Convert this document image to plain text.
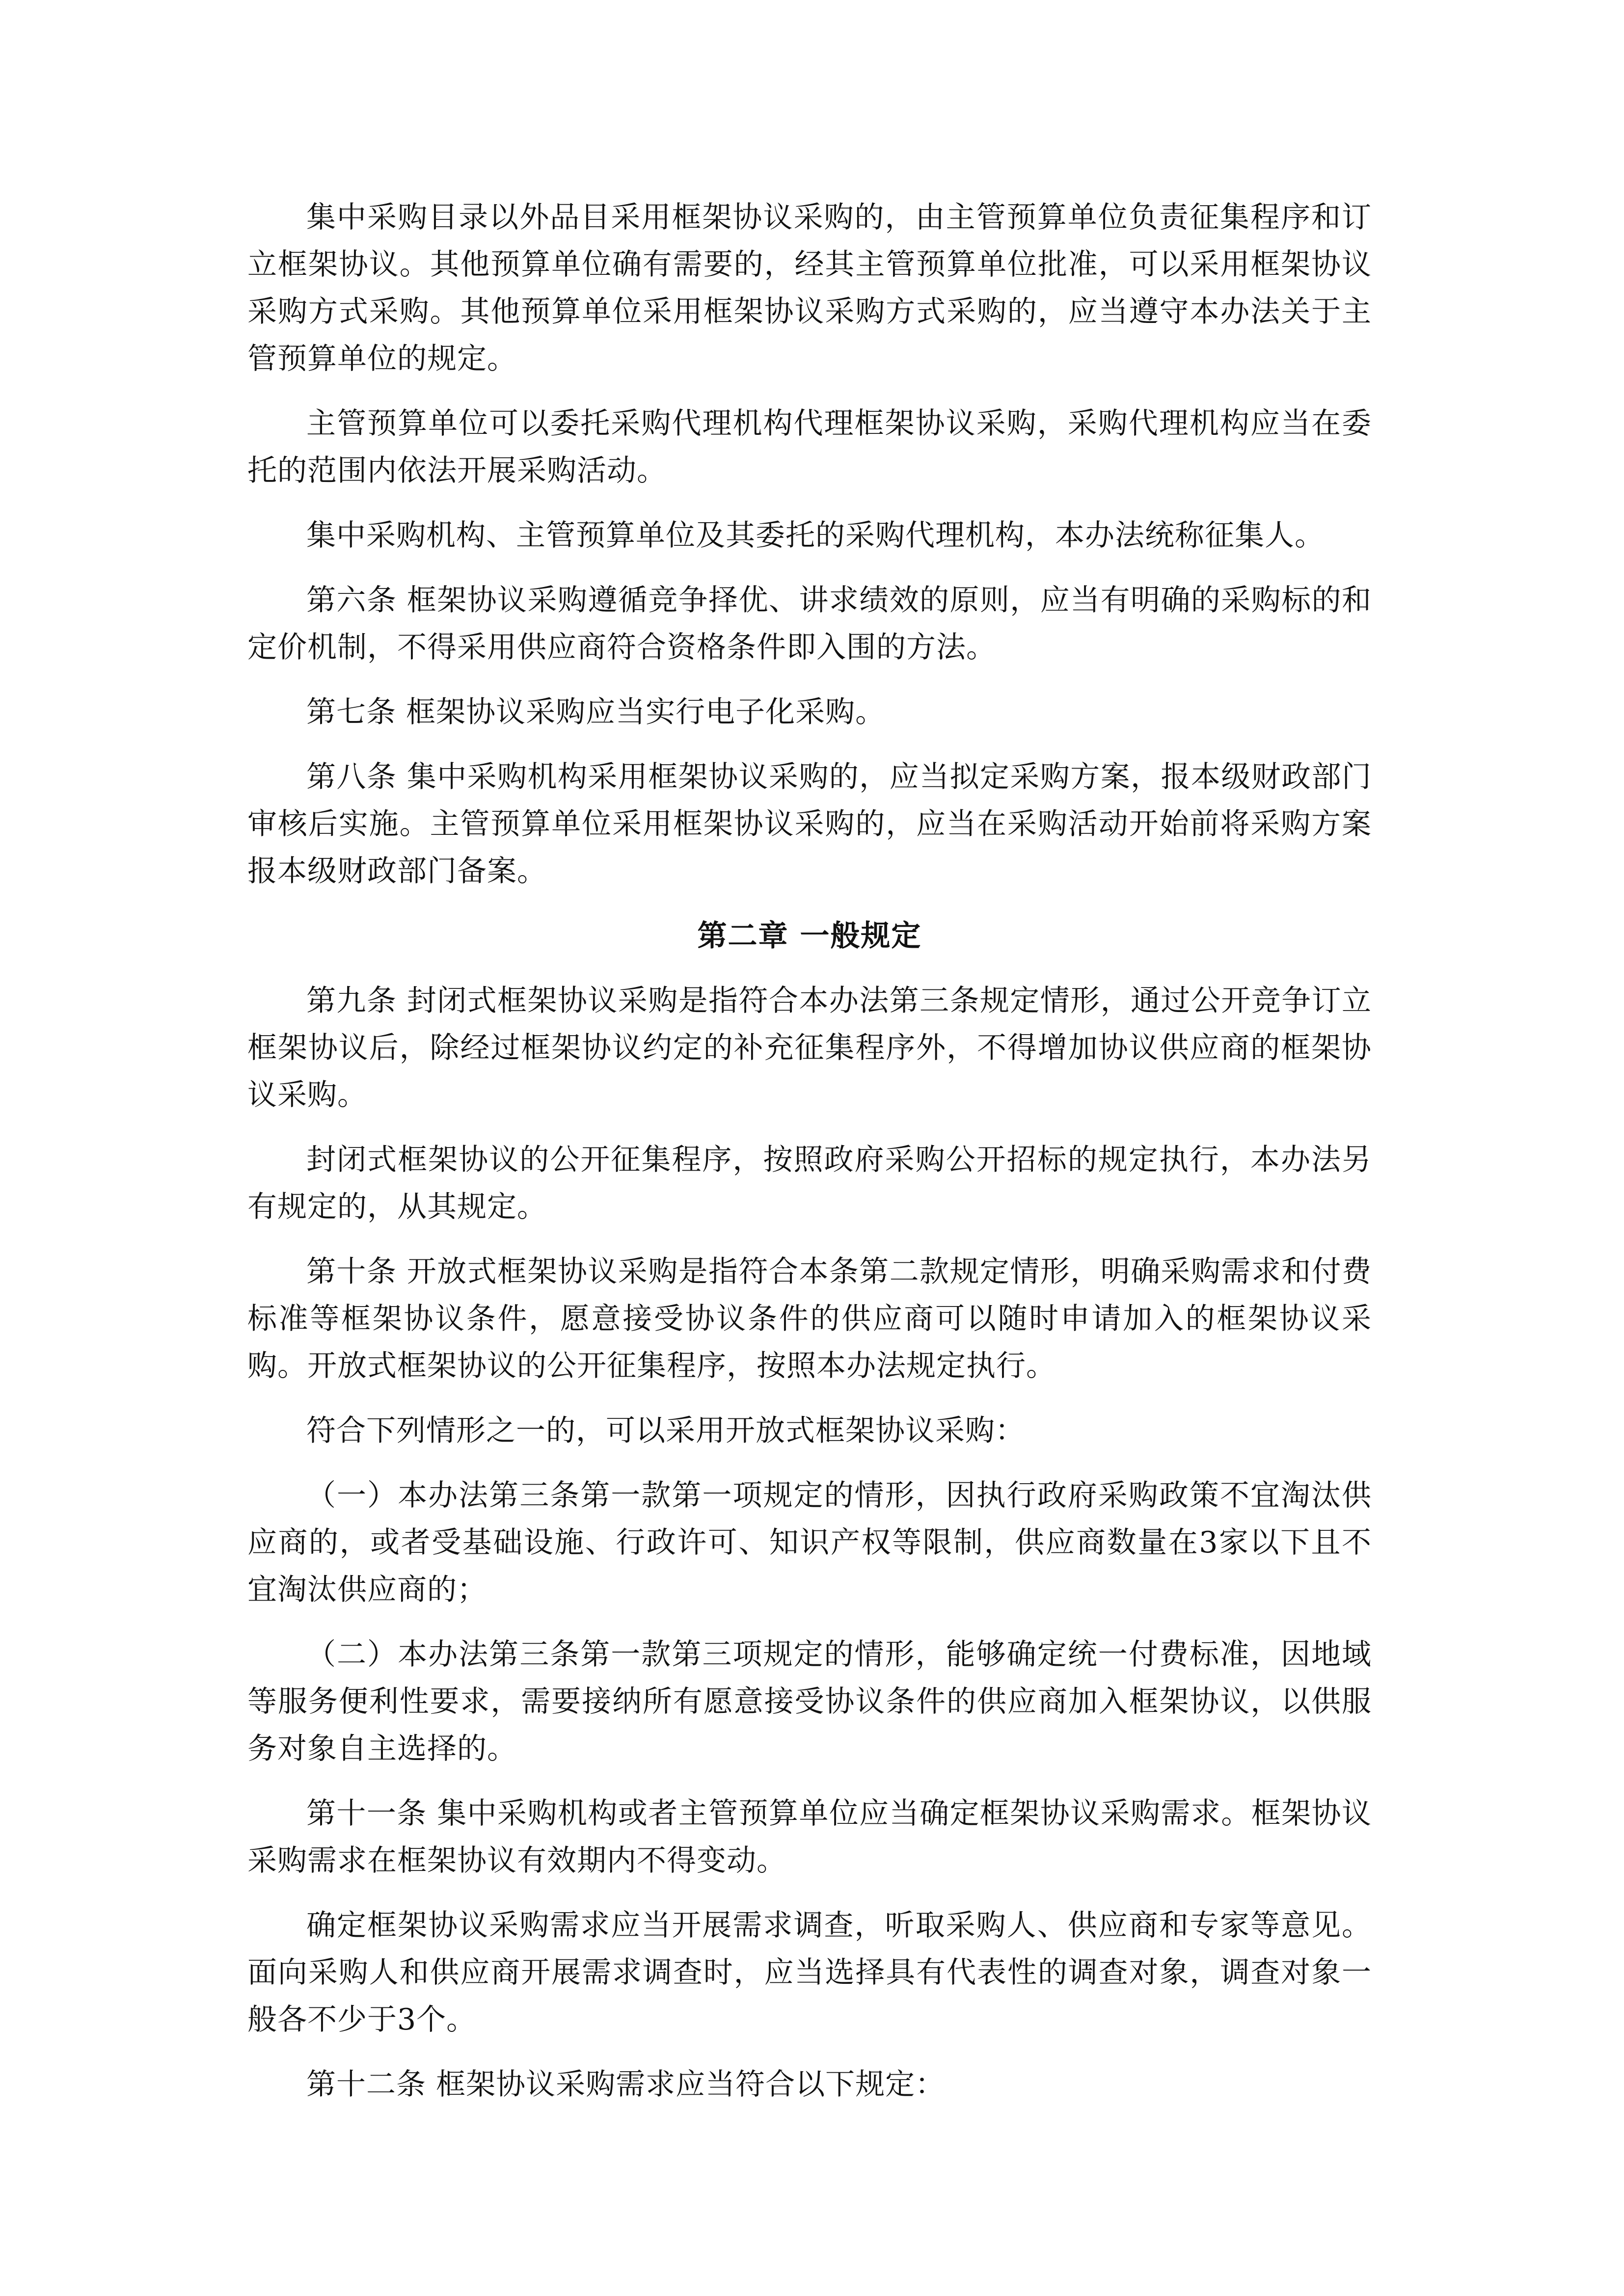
集中采购目录以外品目采用框架协议采购的，由主管预算单位负责征集程序和订立框架协议。其他预算单位确有需要的，经其主管预算单位批准，可以采用框架协议采购方式采购。其他预算单位采用框架协议采购方式采购的，应当遵守本办法关于主管预算单位的规定。

主管预算单位可以委托采购代理机构代理框架协议采购，采购代理机构应当在委托的范围内依法开展采购活动。

集中采购机构、主管预算单位及其委托的采购代理机构，本办法统称征集人。

第六条 框架协议采购遵循竞争择优、讲求绩效的原则，应当有明确的采购标的和定价机制，不得采用供应商符合资格条件即入围的方法。

第七条 框架协议采购应当实行电子化采购。

第八条 集中采购机构采用框架协议采购的，应当拟定采购方案，报本级财政部门审核后实施。主管预算单位采用框架协议采购的，应当在采购活动开始前将采购方案报本级财政部门备案。

第二章 一般规定

第九条 封闭式框架协议采购是指符合本办法第三条规定情形，通过公开竞争订立框架协议后，除经过框架协议约定的补充征集程序外，不得增加协议供应商的框架协议采购。

封闭式框架协议的公开征集程序，按照政府采购公开招标的规定执行，本办法另有规定的，从其规定。

第十条 开放式框架协议采购是指符合本条第二款规定情形，明确采购需求和付费标准等框架协议条件，愿意接受协议条件的供应商可以随时申请加入的框架协议采购。开放式框架协议的公开征集程序，按照本办法规定执行。

符合下列情形之一的，可以采用开放式框架协议采购：

（一）本办法第三条第一款第一项规定的情形，因执行政府采购政策不宜淘汰供应商的，或者受基础设施、行政许可、知识产权等限制，供应商数量在3家以下且不宜淘汰供应商的；

（二）本办法第三条第一款第三项规定的情形，能够确定统一付费标准，因地域等服务便利性要求，需要接纳所有愿意接受协议条件的供应商加入框架协议，以供服务对象自主选择的。

第十一条 集中采购机构或者主管预算单位应当确定框架协议采购需求。框架协议采购需求在框架协议有效期内不得变动。

确定框架协议采购需求应当开展需求调查，听取采购人、供应商和专家等意见。面向采购人和供应商开展需求调查时，应当选择具有代表性的调查对象，调查对象一般各不少于3个。

第十二条 框架协议采购需求应当符合以下规定：
